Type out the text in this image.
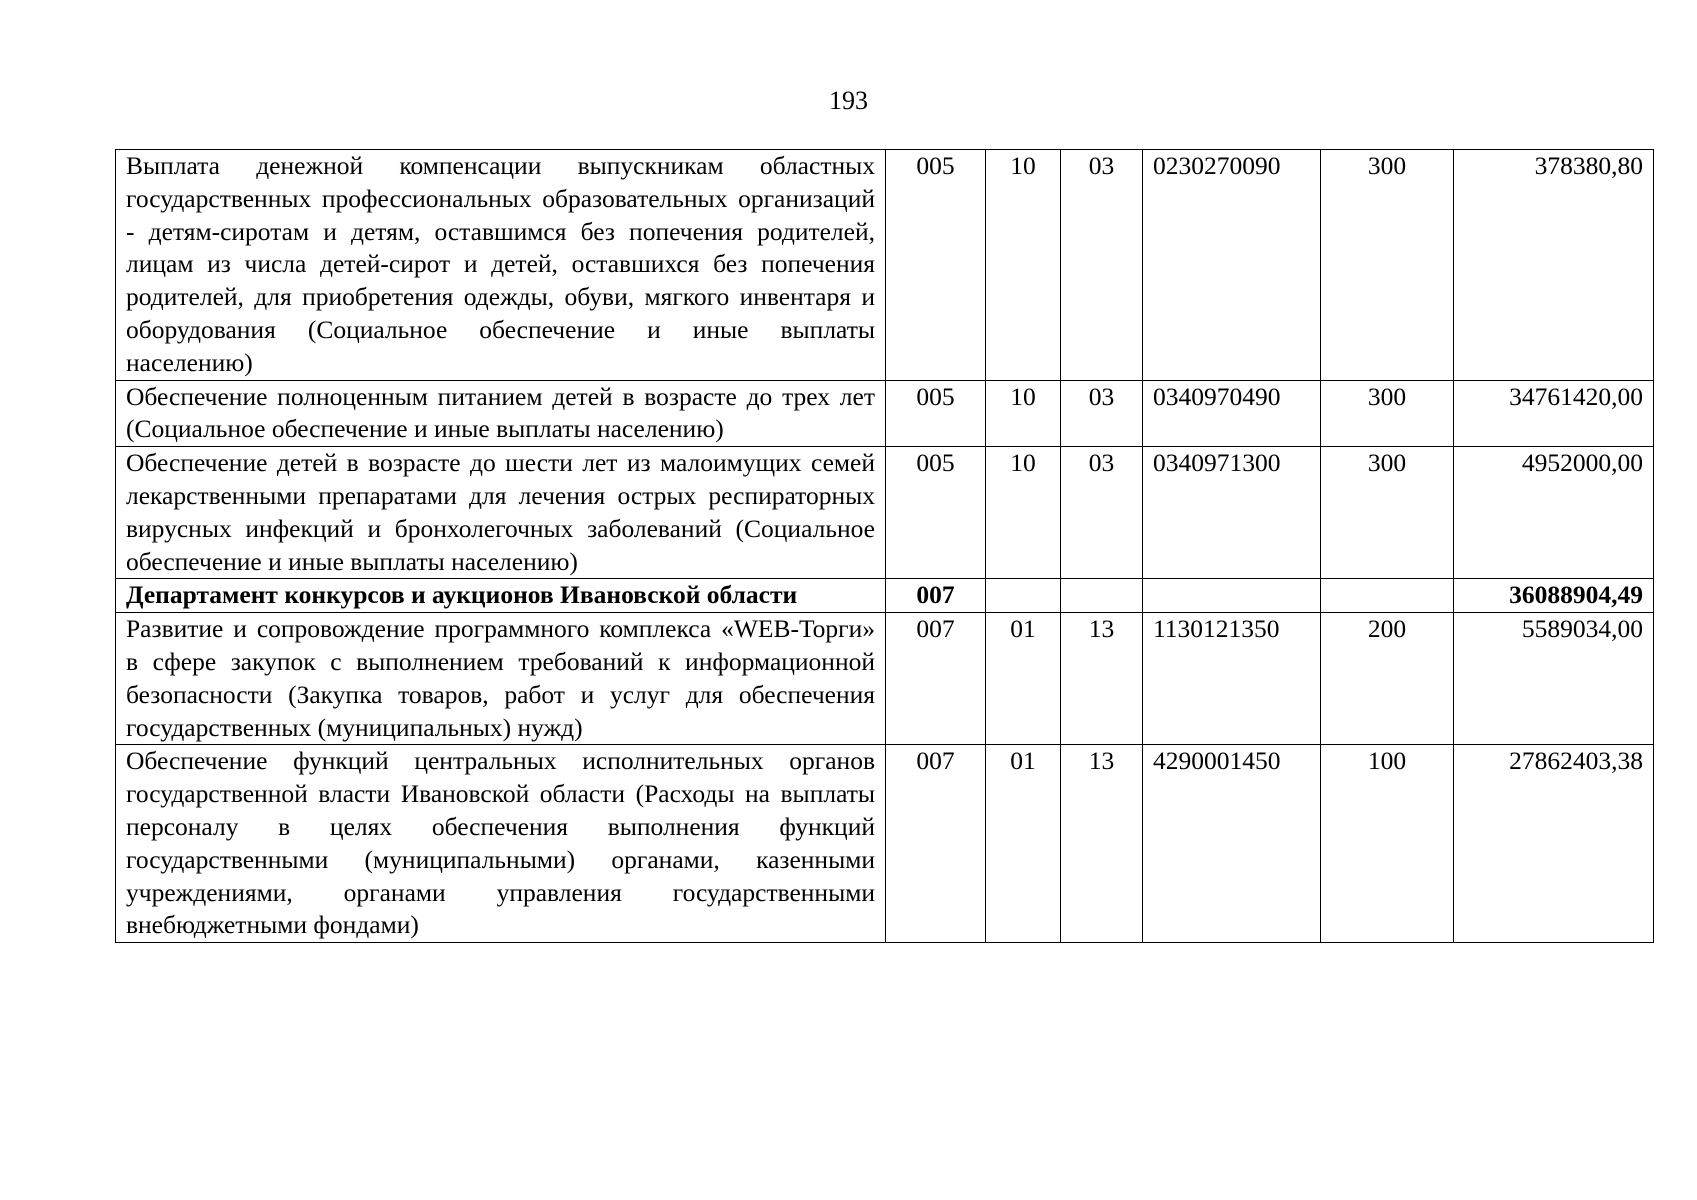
193
Выплата денежной компенсации выпускникам областных государственных профессиональных образовательных организаций - детям-сиротам и детям, оставшимся без попечения родителей, лицам из числа детей-сирот и детей, оставшихся без попечения родителей, для приобретения одежды, обуви, мягкого инвентаря и оборудования (Социальное обеспечение и иные выплаты населению)	005	10	03	0230270090	300	378380,80
Обеспечение полноценным питанием детей в возрасте до трех лет (Социальное обеспечение и иные выплаты населению)	005	10	03	0340970490	300	34761420,00
Обеспечение детей в возрасте до шести лет из малоимущих семей лекарственными препаратами для лечения острых респираторных вирусных инфекций и бронхолегочных заболеваний (Социальное обеспечение и иные выплаты населению)	005	10	03	0340971300	300	4952000,00
Департамент конкурсов и аукционов Ивановской области	007					36088904,49
Развитие и сопровождение программного комплекса «WEB-Торги» в сфере закупок с выполнением требований к информационной безопасности (Закупка товаров, работ и услуг для обеспечения государственных (муниципальных) нужд)	007	01	13	1130121350	200	5589034,00
Обеспечение функций центральных исполнительных органов государственной власти Ивановской области (Расходы на выплаты персоналу в целях обеспечения выполнения функций государственными (муниципальными) органами, казенными учреждениями, органами управления государственными внебюджетными фондами)	007	01	13	4290001450	100	27862403,38
